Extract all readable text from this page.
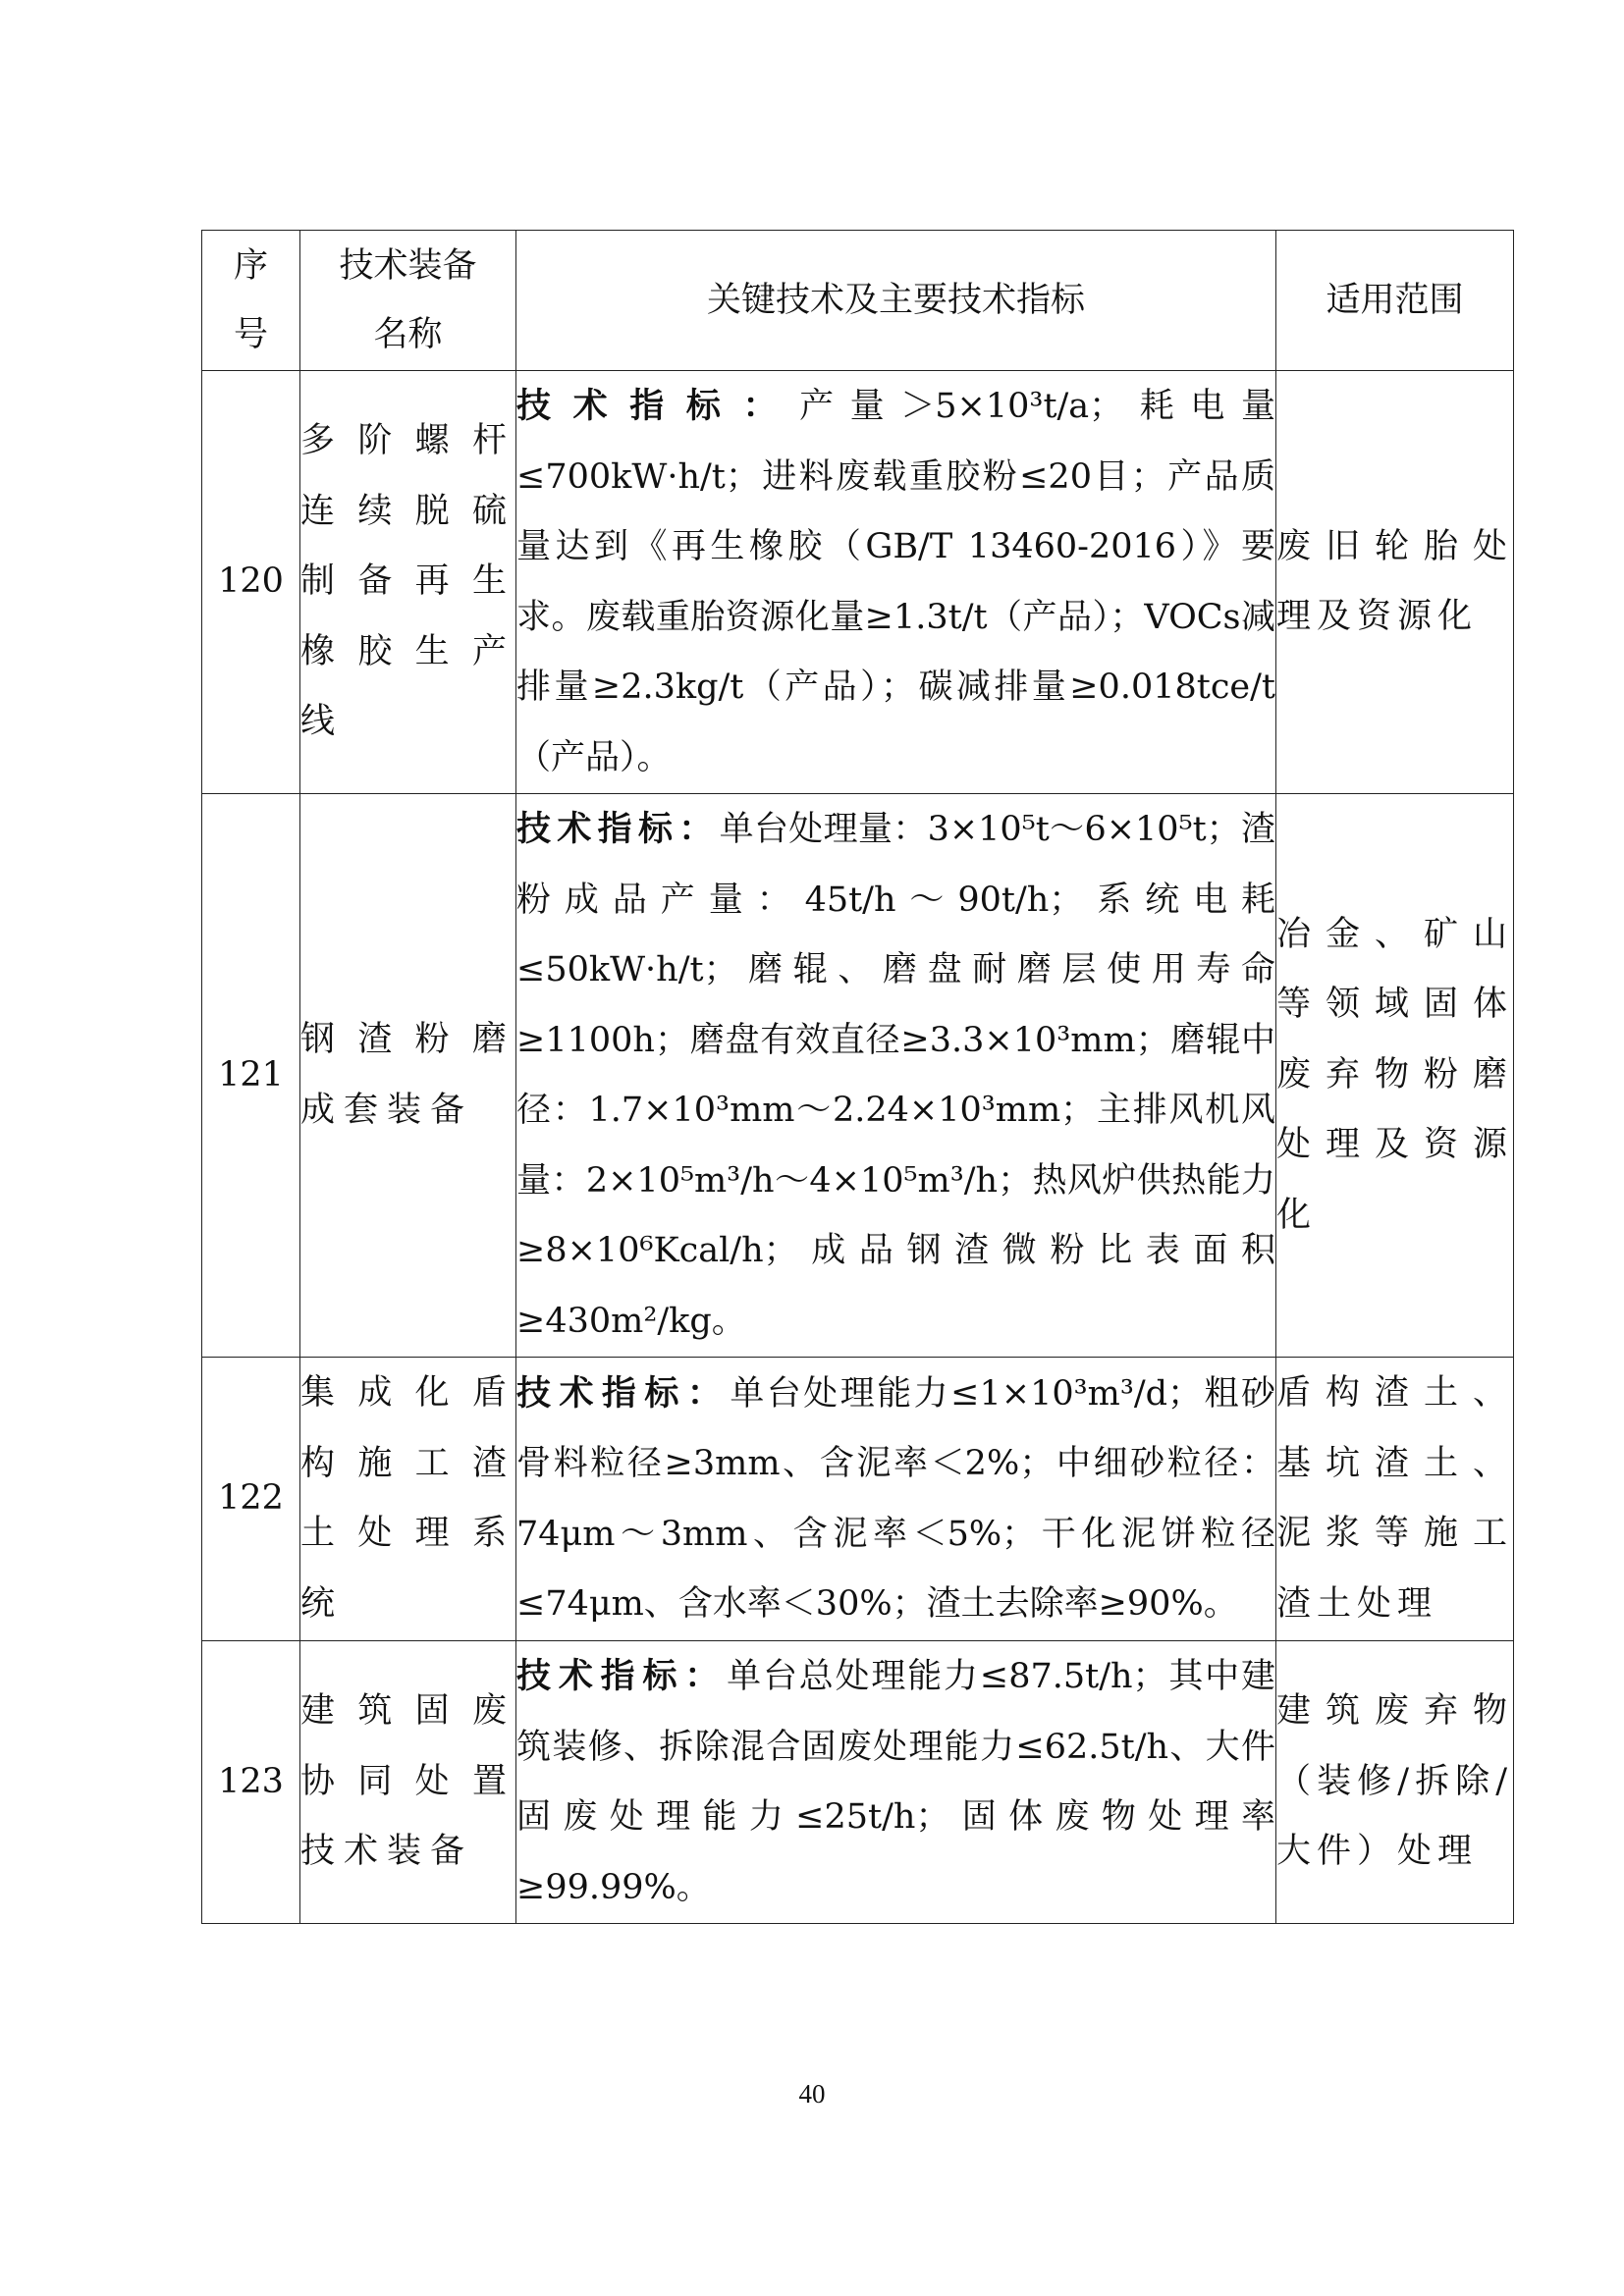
序号	技术装备名称	关键技术及主要技术指标	适用范围
120	多阶螺杆连续脱硫制备再生橡胶生产线	技术指标：产量＞5×10³t/a；耗电量≤700kW·h/t；进料废载重胶粉≤20目；产品质量达到《再生橡胶（GB/T 13460-2016）》要求。废载重胎资源化量≥1.3t/t（产品）；VOCs减排量≥2.3kg/t（产品）；碳减排量≥0.018tce/t（产品）。	废旧轮胎处理及资源化
121	钢渣粉磨成套装备	技术指标：单台处理量：3×10⁵t～6×10⁵t；渣粉成品产量：45t/h～90t/h；系统电耗≤50kW·h/t；磨辊、磨盘耐磨层使用寿命≥1100h；磨盘有效直径≥3.3×10³mm；磨辊中径：1.7×10³mm～2.24×10³mm；主排风机风量：2×10⁵m³/h～4×10⁵m³/h；热风炉供热能力≥8×10⁶Kcal/h；成品钢渣微粉比表面积≥430m²/kg。	冶金、矿山等领域固体废弃物粉磨处理及资源化
122	集成化盾构施工渣土处理系统	技术指标：单台处理能力≤1×10³m³/d；粗砂骨料粒径≥3mm、含泥率＜2%；中细砂粒径：74μm～3mm、含泥率＜5%；干化泥饼粒径≤74μm、含水率＜30%；渣土去除率≥90%。	盾构渣土、基坑渣土、泥浆等施工渣土处理
123	建筑固废协同处置技术装备	技术指标：单台总处理能力≤87.5t/h；其中建筑装修、拆除混合固废处理能力≤62.5t/h、大件固废处理能力≤25t/h；固体废物处理率≥99.99%。	建筑废弃物（装修/拆除/大件）处理
40
